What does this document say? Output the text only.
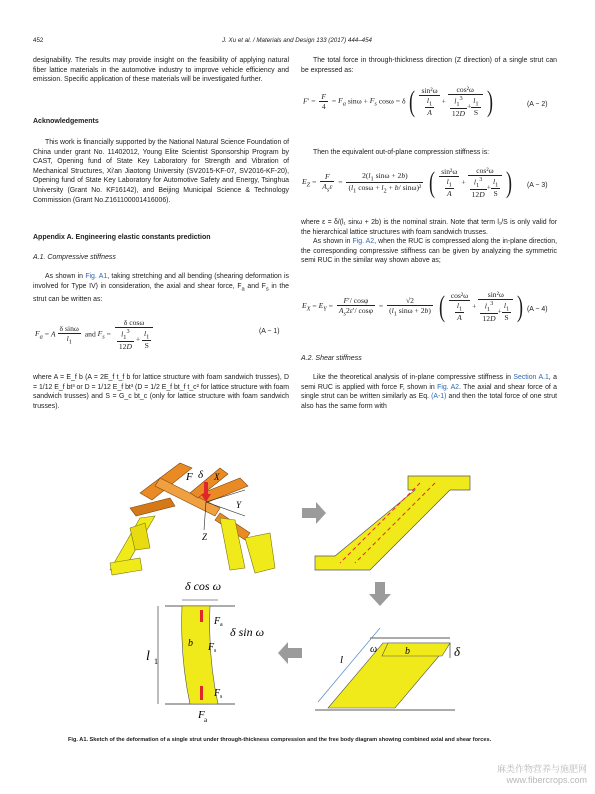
452	J. Xu et al. / Materials and Design 133 (2017) 444–454

designability. The results may provide insight on the feasibility of applying natural fiber lattice materials in the automotive industry to improve vehicle efficiency and emission. Specific application of these materials will be investigated further.

Acknowledgements

This work is financially supported by the National Natural Science Foundation of China under grant No. 11402012, Young Elite Scientist Sponsorship Program by CAST, Opening fund of State Key Laboratory for Strength and Vibration of Mechanical Structures, Xi'an Jiaotong University (SV2015-KF-07, SV2016-KF-20), Opening fund of State Key Laboratory for Automotive Safety and Energy, Tsinghua University (Grant No. KF16142), and Beijing Municipal Science & Technology Commission (Grant No.Z161100001416006).

Appendix A. Engineering elastic constants prediction

A.1. Compressive stiffness

As shown in Fig. A1, taking stretching and all bending (shearing deformation is involved for Type IV) in consideration, the axial and shear force, $F_a$ and $F_s$ in the strut can be written as:

$F_a = A \frac{\text{δ sinω}}{l_1}$ and $F_s = \frac{\text{δ cosω}}{\frac{l_1^3}{12D} + \frac{l_1}{S}}$	(A − 1)

where A = E_f b (A = 2E_f t_f b for lattice structure with foam sandwich trusses), D = 1/12 E_f bt³ or D = 1/12 E_f bt³ (D = 1/2 E_f bt_f t_c² for lattice structure with foam sandwich trusses) and S = G_c bt_c (only for lattice structure with foam sandwich trusses).

The total force in through-thickness direction (Z direction) of a single strut can be expressed as:

$F' = \frac{F}{4} = F_a$ $\sin\omega + F_s$ cosω = δ ( $\frac{\text{sin²ω}}{\frac{l_1}{A}} + \frac{\text{cos²ω}}{\frac{l_1^3}{12D} + \frac{l_1}{S}}$ )	(A − 2)

Then the equivalent out-of-plane compression stiffness is:

$E_Z = \frac{F}{A_s\varepsilon} = \frac{2(l_1 \sin\omega + 2b)}{(l_1 \cos\omega + l_2 + b/ \sin\omega)^2}$ ( $\frac{\text{sin²ω}}{\frac{l_1}{A}} + \frac{\text{cos²ω}}{\frac{l_1^3}{12D} + \frac{l_1}{S}}$ ) (A − 3)

where ε = δ/(l₁ sinω + 2b) is the nominal strain. Note that term l₁/S is only valid for the hierarchical lattice structures with foam sandwich trusses.

As shown in Fig. A2, when the RUC is compressed along the in-plane direction, the corresponding compressive stiffness can be given by analyzing the symmetric semi RUC in the similar way shown above as;

$E_X = E_Y = \frac{F'/ \cos\varphi}{A_s2\varepsilon'/ \cos\varphi} = \frac{√2}{(l_1 \sin\omega + 2b)}$ ( $\frac{\text{cos²ω}}{\frac{l_1}{A}} + \frac{\text{sin²ω}}{\frac{l_1^3}{12D} + \frac{l_1}{S}}$ ) (A − 4)

A.2. Shear stiffness

Like the theoretical analysis of in-plane compressive stiffness in Section A.1, a semi RUC is applied with force F, shown in Fig. A2. The axial and shear force of a single strut can be written similarly as Eq. (A-1) and then the total force of one strut also has the same form with

F δ X
Y
Z
l
ω	b	δ
δ cos ω
δ sin ω
l 1
b
F a
F s
F s
F a
Fig. A1. Sketch of the deformation of a single strut under through-thickness compression and the free body diagram showing combined axial and shear forces.
麻类作物营养与施肥网
www.fibercrops.com
